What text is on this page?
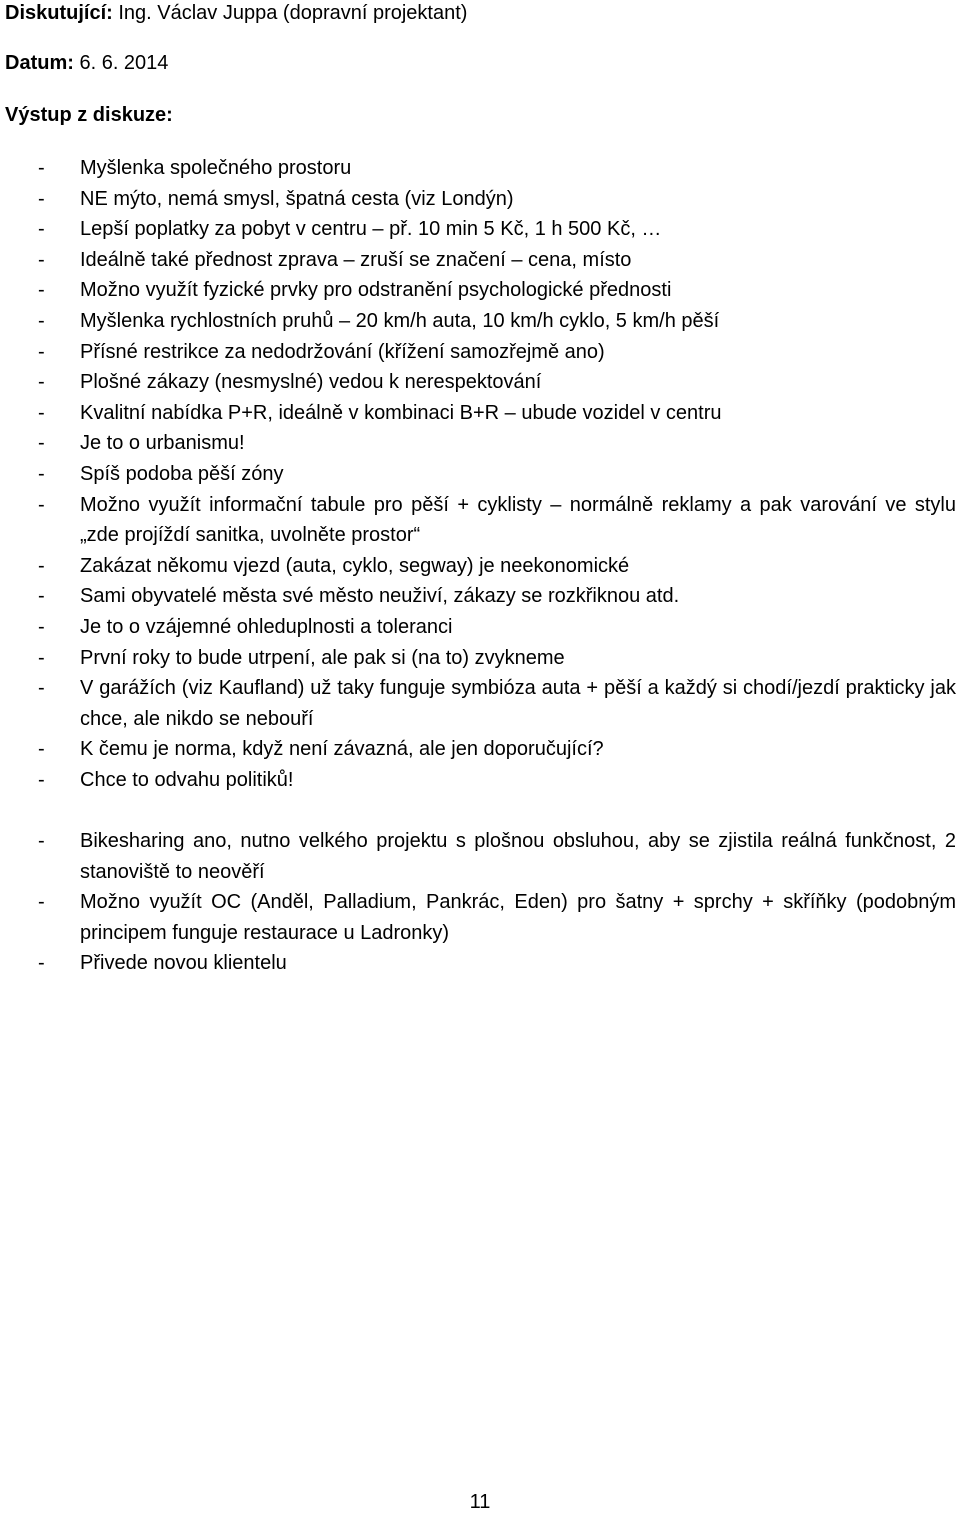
Diskutující: Ing. Václav Juppa (dopravní projektant)
Datum: 6. 6. 2014
Výstup z diskuze:
- Myšlenka společného prostoru
- NE mýto, nemá smysl, špatná cesta (viz Londýn)
- Lepší poplatky za pobyt v centru – př. 10 min 5 Kč, 1 h 500 Kč, …
- Ideálně také přednost zprava – zruší se značení – cena, místo
- Možno využít fyzické prvky pro odstranění psychologické přednosti
- Myšlenka rychlostních pruhů – 20 km/h auta, 10 km/h cyklo, 5 km/h pěší
- Přísné restrikce za nedodržování (křížení samozřejmě ano)
- Plošné zákazy (nesmyslné) vedou k nerespektování
- Kvalitní nabídka P+R, ideálně v kombinaci B+R – ubude vozidel v centru
- Je to o urbanismu!
- Spíš podoba pěší zóny
- Možno využít informační tabule pro pěší + cyklisty – normálně reklamy a pak varování ve stylu „zde projíždí sanitka, uvolněte prostor“
- Zakázat někomu vjezd (auta, cyklo, segway) je neekonomické
- Sami obyvatelé města své město neuživí, zákazy se rozkřiknou atd.
- Je to o vzájemné ohleduplnosti a toleranci
- První roky to bude utrpení, ale pak si (na to) zvykneme
- V garážích (viz Kaufland) už taky funguje symbióza auta + pěší a každý si chodí/jezdí prakticky jak chce, ale nikdo se nebouří
- K čemu je norma, když není závazná, ale jen doporučující?
- Chce to odvahu politiků!
- Bikesharing ano, nutno velkého projektu s plošnou obsluhou, aby se zjistila reálná funkčnost, 2 stanoviště to neověří
- Možno využít OC (Anděl, Palladium, Pankrác, Eden) pro šatny + sprchy + skříňky (podobným principem funguje restaurace u Ladronky)
- Přivede novou klientelu
11
